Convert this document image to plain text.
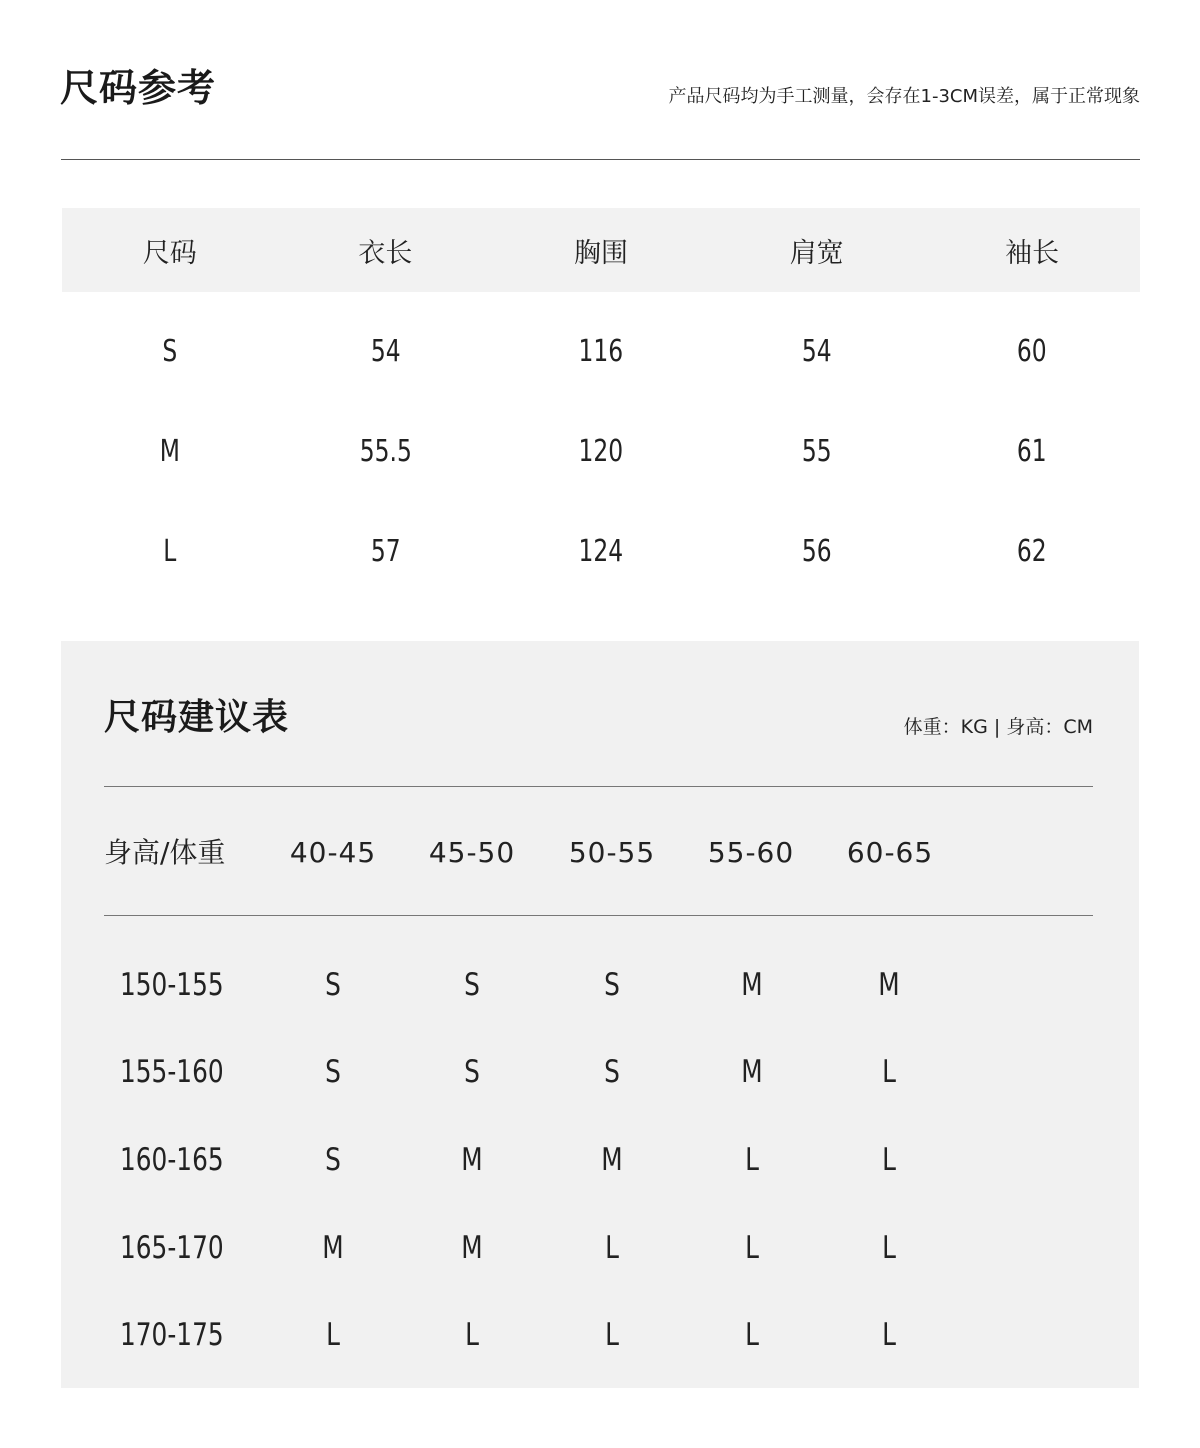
尺码参考	产品尺码均为手工测量，会存在1-3CM误差，属于正常现象
尺码	衣长	胸围	肩宽	袖长
S	54	116	54	60
M	55.5	120	55	61
L	57	124	56	62
尺码建议表	体重：KG | 身高：CM
身高/体重	40-45	45-50	50-55	55-60	60-65
150-155	S	S	S	M	M
155-160	S	S	S	M	L
160-165	S	M	M	L	L
165-170	M	M	L	L	L
170-175	L	L	L	L	L
